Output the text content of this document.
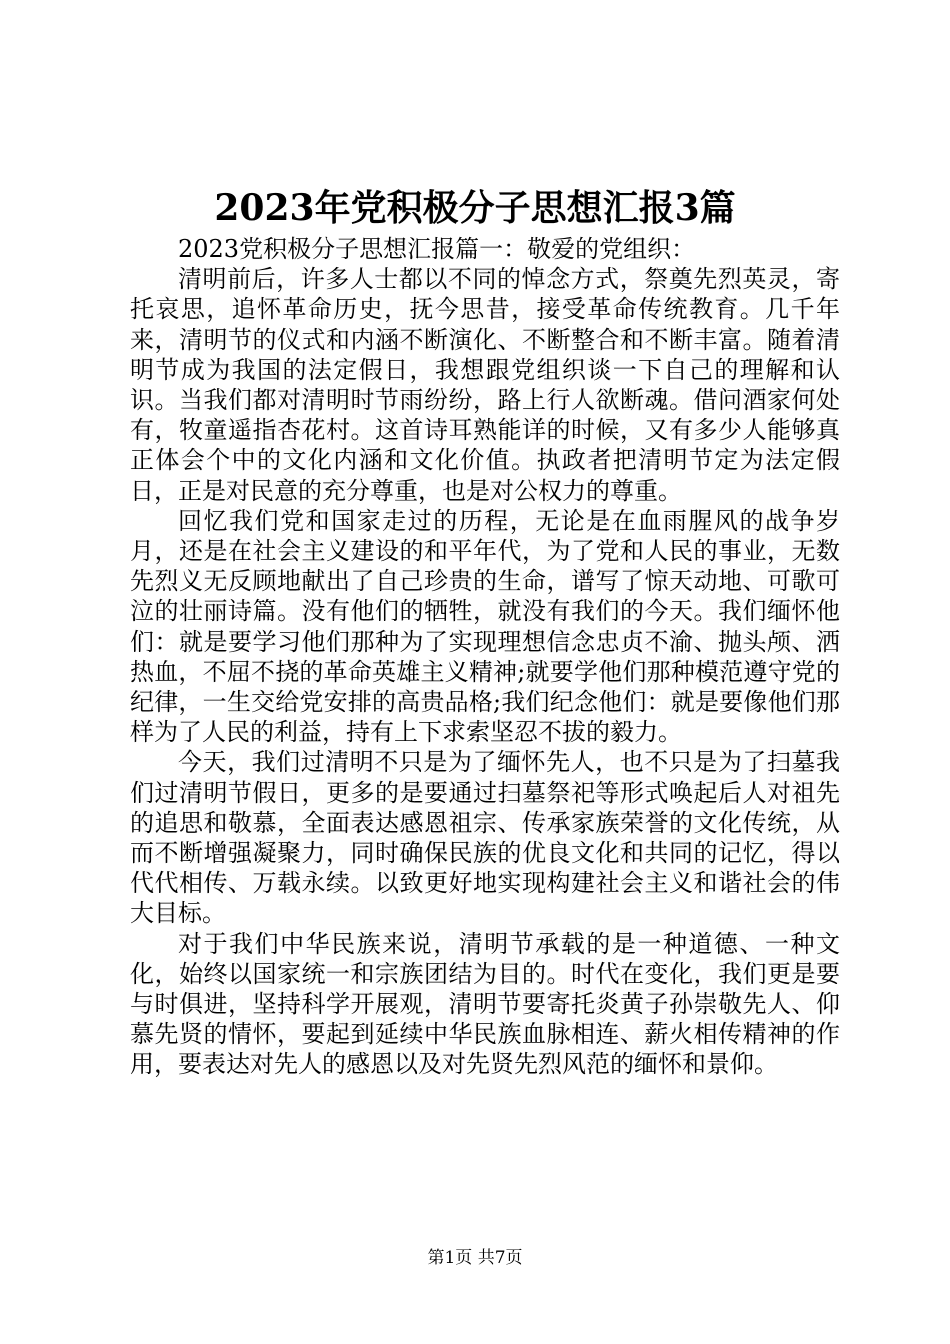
2023年党积极分子思想汇报3篇

2023党积极分子思想汇报篇一：敬爱的党组织：

清明前后，许多人士都以不同的悼念方式，祭奠先烈英灵，寄托哀思，追怀革命历史，抚今思昔，接受革命传统教育。几千年来，清明节的仪式和内涵不断演化、不断整合和不断丰富。随着清明节成为我国的法定假日，我想跟党组织谈一下自己的理解和认识。当我们都对清明时节雨纷纷，路上行人欲断魂。借问酒家何处有，牧童遥指杏花村。这首诗耳熟能详的时候，又有多少人能够真正体会个中的文化内涵和文化价值。执政者把清明节定为法定假日，正是对民意的充分尊重，也是对公权力的尊重。

回忆我们党和国家走过的历程，无论是在血雨腥风的战争岁月，还是在社会主义建设的和平年代，为了党和人民的事业，无数先烈义无反顾地献出了自己珍贵的生命，谱写了惊天动地、可歌可泣的壮丽诗篇。没有他们的牺牲，就没有我们的今天。我们缅怀他们：就是要学习他们那种为了实现理想信念忠贞不渝、抛头颅、洒热血，不屈不挠的革命英雄主义精神;就要学他们那种模范遵守党的纪律，一生交给党安排的高贵品格;我们纪念他们：就是要像他们那样为了人民的利益，持有上下求索坚忍不拔的毅力。

今天，我们过清明不只是为了缅怀先人，也不只是为了扫墓我们过清明节假日，更多的是要通过扫墓祭祀等形式唤起后人对祖先的追思和敬慕，全面表达感恩祖宗、传承家族荣誉的文化传统，从而不断增强凝聚力，同时确保民族的优良文化和共同的记忆，得以代代相传、万载永续。以致更好地实现构建社会主义和谐社会的伟大目标。

对于我们中华民族来说，清明节承载的是一种道德、一种文化，始终以国家统一和宗族团结为目的。时代在变化，我们更是要与时俱进，坚持科学开展观，清明节要寄托炎黄子孙崇敬先人、仰慕先贤的情怀，要起到延续中华民族血脉相连、薪火相传精神的作用，要表达对先人的感恩以及对先贤先烈风范的缅怀和景仰。

第1页 共7页
